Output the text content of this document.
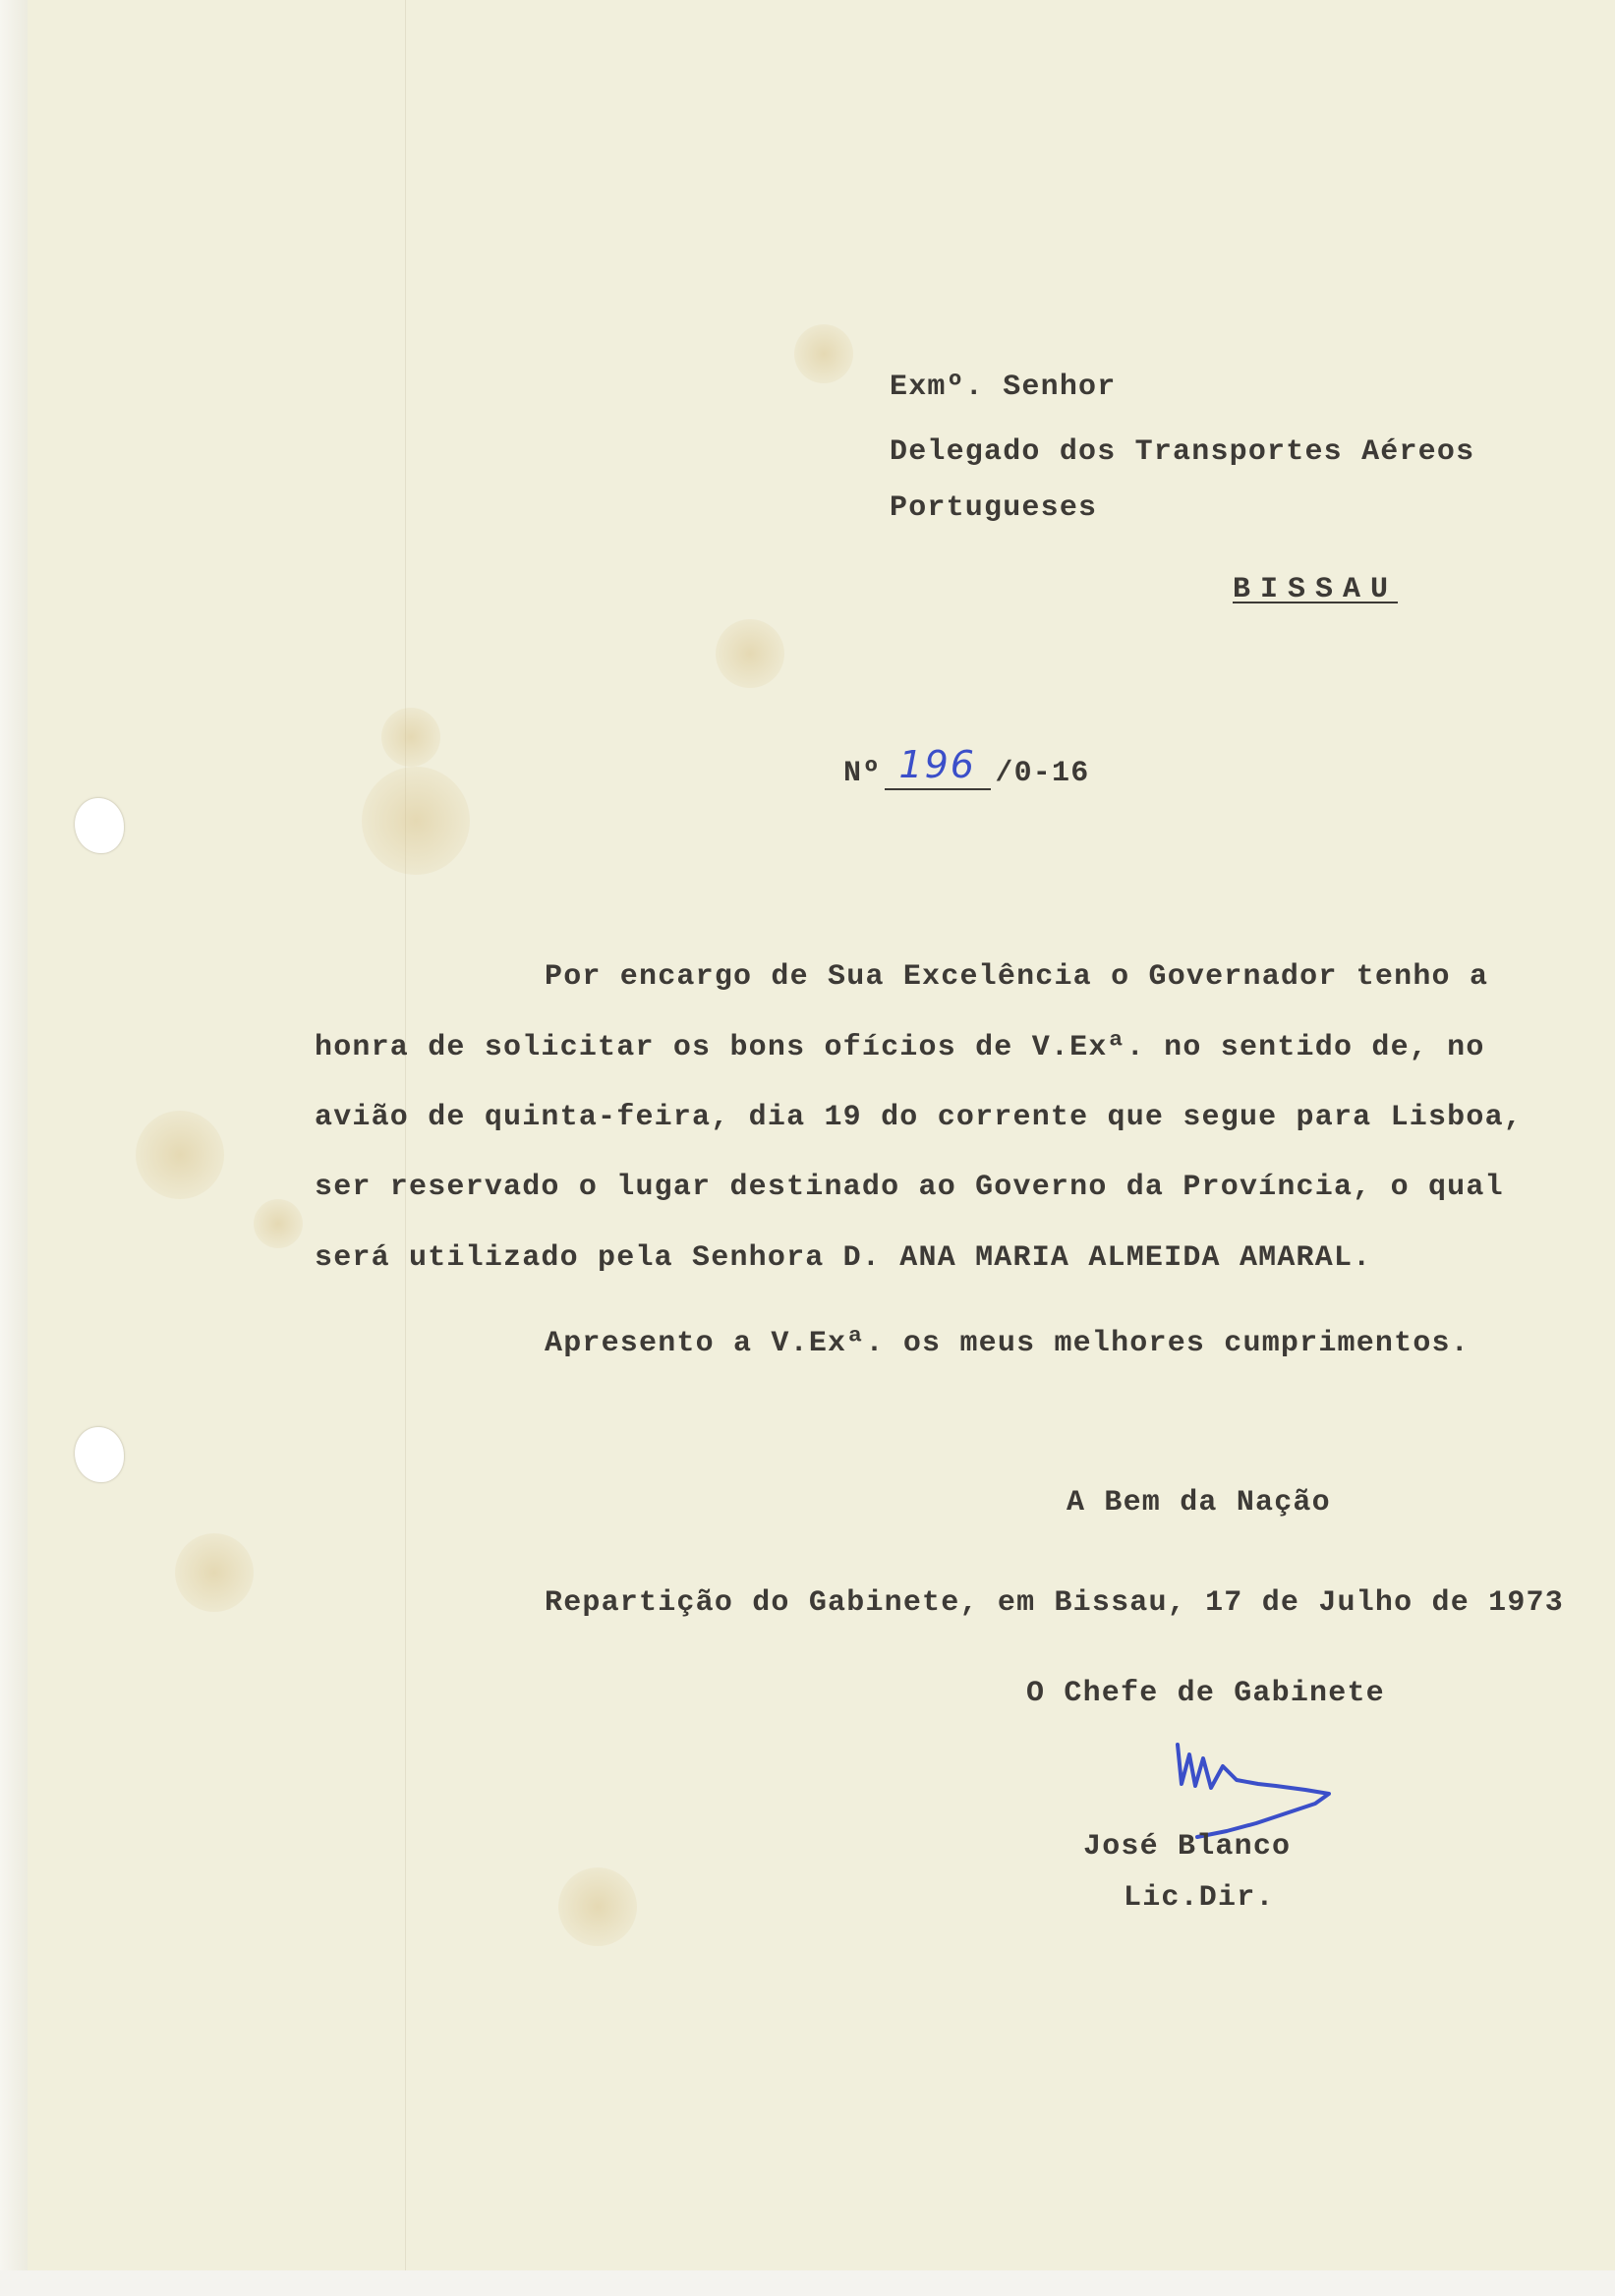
Exmº. Senhor
Delegado dos Transportes Aéreos
Portugueses
BISSAU
Nº 196 /0-16
Por encargo de Sua Excelência o Governador tenho a
honra de solicitar os bons ofícios de V.Exª. no sentido de, no
avião de quinta-feira, dia 19 do corrente que segue para Lisboa,
ser reservado o lugar destinado ao Governo da Província, o qual
será utilizado pela Senhora D. ANA MARIA ALMEIDA AMARAL.
Apresento a V.Exª. os meus melhores cumprimentos.
A Bem da Nação
Repartição do Gabinete, em Bissau, 17 de Julho de 1973
O Chefe de Gabinete
José Blanco
Lic.Dir.
